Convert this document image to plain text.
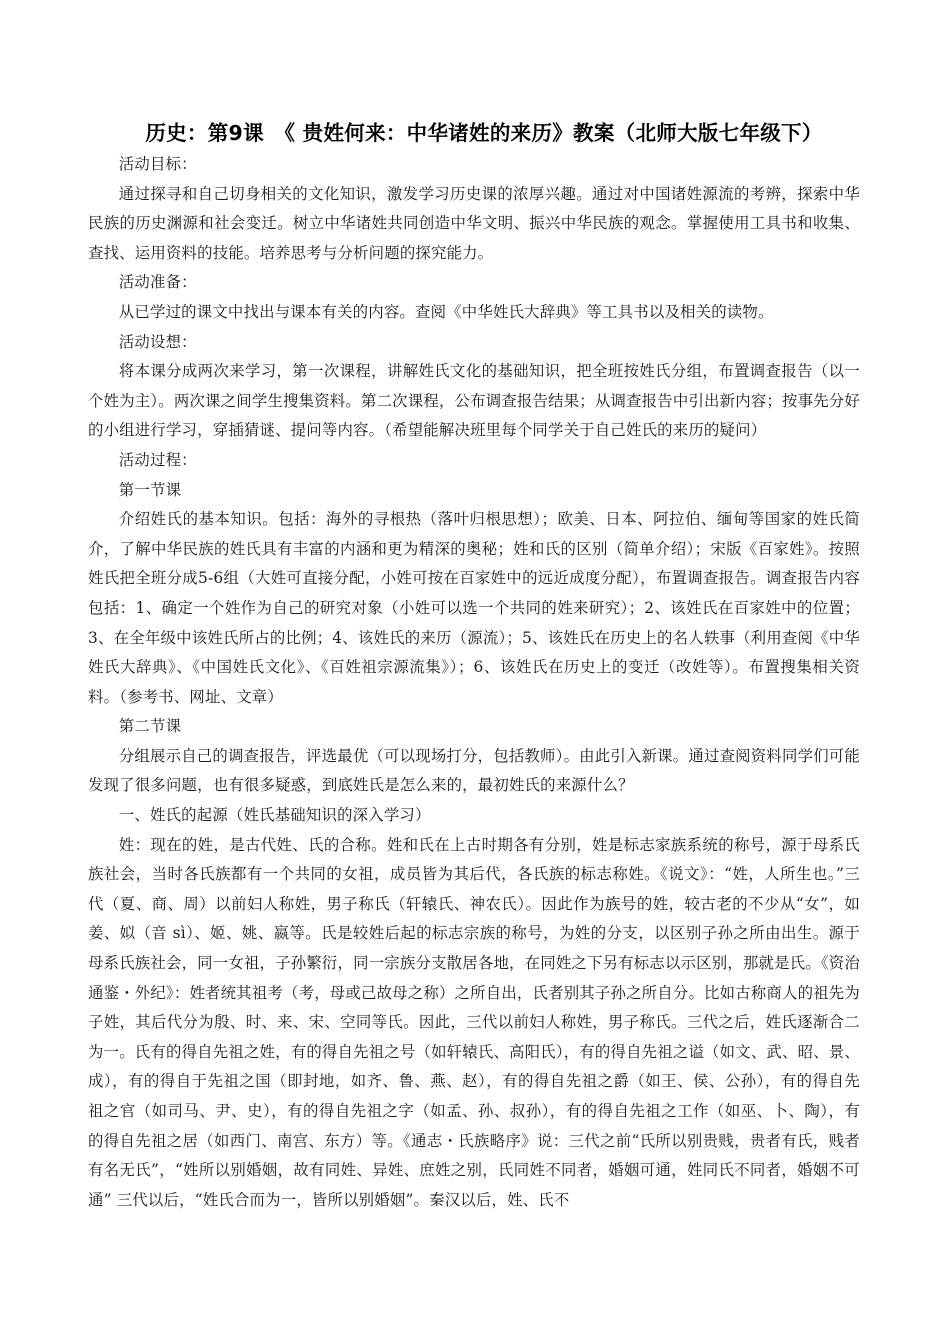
历史：第9课　《 贵姓何来：中华诸姓的来历》教案（北师大版七年级下）

活动目标：

通过探寻和自己切身相关的文化知识，激发学习历史课的浓厚兴趣。通过对中国诸姓源流的考辨，探索中华民族的历史渊源和社会变迁。树立中华诸姓共同创造中华文明、振兴中华民族的观念。掌握使用工具书和收集、查找、运用资料的技能。培养思考与分析问题的探究能力。

活动准备：

从已学过的课文中找出与课本有关的内容。查阅《中华姓氏大辞典》等工具书以及相关的读物。

活动设想：

将本课分成两次来学习，第一次课程，讲解姓氏文化的基础知识，把全班按姓氏分组，布置调查报告（以一个姓为主）。两次课之间学生搜集资料。第二次课程，公布调查报告结果；从调查报告中引出新内容；按事先分好的小组进行学习，穿插猜谜、提问等内容。（希望能解决班里每个同学关于自己姓氏的来历的疑问）

活动过程：

第一节课

介绍姓氏的基本知识。包括：海外的寻根热（落叶归根思想）；欧美、日本、阿拉伯、缅甸等国家的姓氏简介，了解中华民族的姓氏具有丰富的内涵和更为精深的奥秘；姓和氏的区别（简单介绍）；宋版《百家姓》。按照姓氏把全班分成5-6组（大姓可直接分配，小姓可按在百家姓中的远近成度分配），布置调查报告。调查报告内容包括：1、确定一个姓作为自己的研究对象（小姓可以选一个共同的姓来研究）；2、该姓氏在百家姓中的位置；3、在全年级中该姓氏所占的比例；4、该姓氏的来历（源流）；5、该姓氏在历史上的名人轶事（利用查阅《中华姓氏大辞典》、《中国姓氏文化》、《百姓祖宗源流集》）；6、该姓氏在历史上的变迁（改姓等）。布置搜集相关资料。（参考书、网址、文章）

第二节课

分组展示自己的调查报告，评选最优（可以现场打分，包括教师）。由此引入新课。通过查阅资料同学们可能发现了很多问题，也有很多疑惑，到底姓氏是怎么来的，最初姓氏的来源什么？

一、姓氏的起源（姓氏基础知识的深入学习）

姓：现在的姓，是古代姓、氏的合称。姓和氏在上古时期各有分别，姓是标志家族系统的称号，源于母系氏族社会，当时各氏族都有一个共同的女祖，成员皆为其后代，各氏族的标志称姓。《说文》：“姓，人所生也。”三代（夏、商、周）以前妇人称姓，男子称氏（轩辕氏、神农氏）。因此作为族号的姓，较古老的不少从“女”，如姜、姒（音 sì）、姬、姚、嬴等。氏是较姓后起的标志宗族的称号，为姓的分支，以区别子孙之所由出生。源于母系氏族社会，同一女祖，子孙繁衍，同一宗族分支散居各地，在同姓之下另有标志以示区别，那就是氏。《资治通鉴・外纪》：姓者统其祖考（考，母或己故母之称）之所自出，氏者别其子孙之所自分。比如古称商人的祖先为子姓，其后代分为殷、时、来、宋、空同等氏。因此，三代以前妇人称姓，男子称氏。三代之后，姓氏逐渐合二为一。氏有的得自先祖之姓，有的得自先祖之号（如轩辕氏、高阳氏），有的得自先祖之谥（如文、武、昭、景、成），有的得自于先祖之国（即封地，如齐、鲁、燕、赵），有的得自先祖之爵（如王、侯、公孙），有的得自先祖之官（如司马、尹、史），有的得自先祖之字（如孟、孙、叔孙），有的得自先祖之工作（如巫、卜、陶），有的得自先祖之居（如西门、南宫、东方）等。《通志・氏族略序》说：三代之前“氏所以别贵贱，贵者有氏，贱者有名无氏”，“姓所以别婚姻，故有同姓、异姓、庶姓之别，氏同姓不同者，婚姻可通，姓同氏不同者，婚姻不可通” 三代以后，“姓氏合而为一，皆所以别婚姻”。秦汉以后，姓、氏不
